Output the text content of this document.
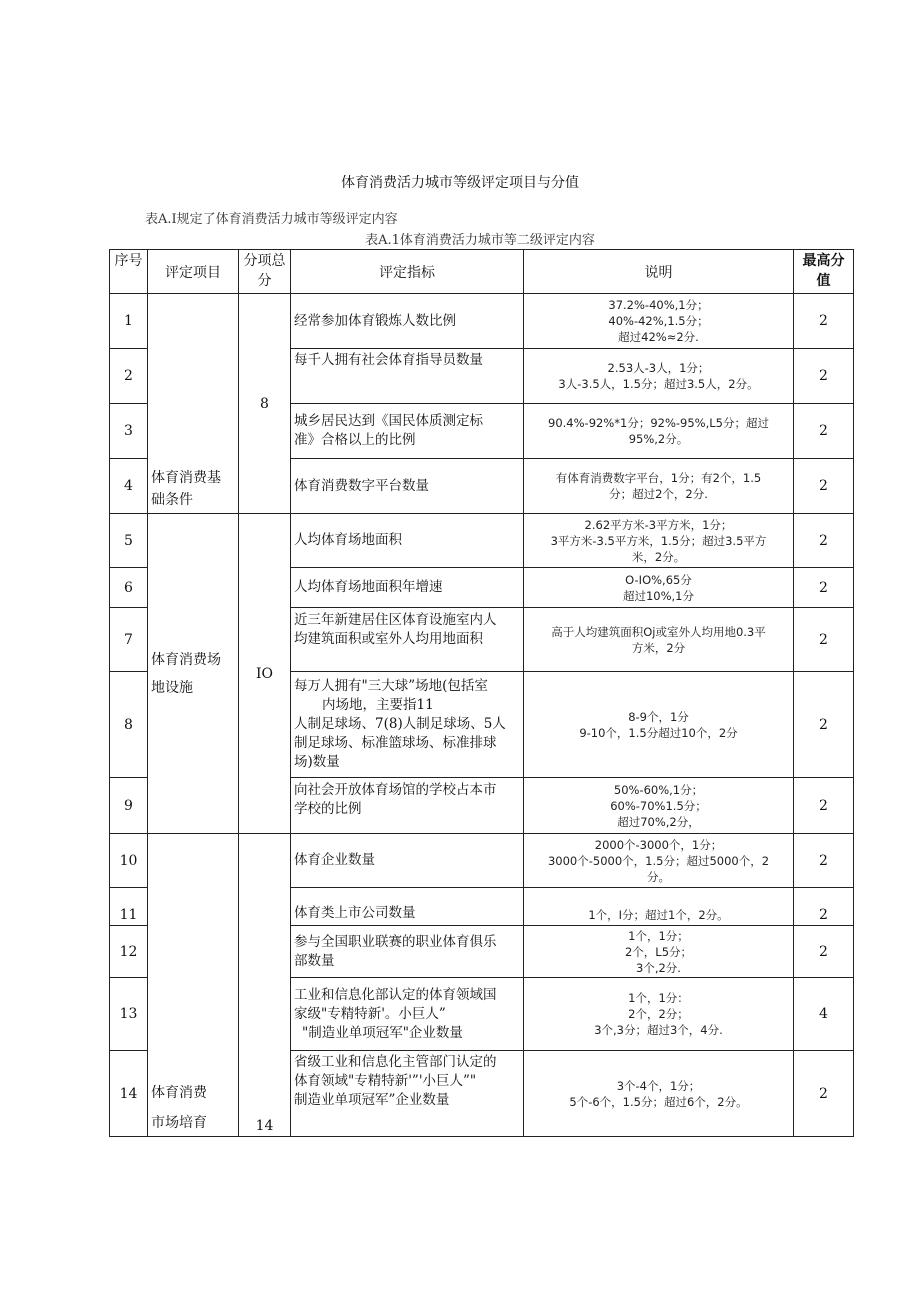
体育消费活力城市等级评定项目与分值
表A.I规定了体育消费活力城市等级评定内容
表A.1体育消费活力城市等二级评定内容
序号	评定项目	分项总分	评定指标	说明	最高分值

1	体育消费基
础条件	8	经常参加体育锻炼人数比例	37.2%-40%,1分；
40%-42%,1.5分；
超过42%≈2分.	2
2			每千人拥有社会体育指导员数量	2.53人-3人，1分；
3人-3.5人，1.5分；超过3.5人，2分。	2
3			城乡居民达到《国民体质测定标
准》合格以上的比例	90.4%-92%*1分；92%-95%,L5分；超过
95%,2分。	2
4			体育消费数字平台数量	有体育消费数字平台，1分；有2个，1.5
分；超过2个，2分.	2
5	体育消费场
地设施	IO	人均体育场地面积	2.62平方米-3平方米，1分；
3平方米-3.5平方米，1.5分；超过3.5平方
米，2分。	2
6			人均体育场地面积年增速	O-IO%,65分
超过10%,1分	2
7			近三年新建居住区体育设施室内人
均建筑面积或室外人均用地面积	高于人均建筑面积Oj或室外人均用地0.3平
方米，2分	2
8			每万人拥有"三大球”场地(包括室
内场地，主要指11
人制足球场、7(8)人制足球场、5人
制足球场、标准篮球场、标准排球
场)数量	8-9个，1分
9-10个，1.5分超过10个，2分	2
9			向社会开放体育场馆的学校占本市
学校的比例	50%-60%,1分；
60%-70%1.5分；
超过70%,2分，	2
10	体育消费
市场培育	14	体育企业数量	2000个-3000个，1分；
3000个-5000个，1.5分；超过5000个，2
分。	2
11			体育类上市公司数量	1个，I分；超过1个，2分。	2
12			参与全国职业联赛的职业体育俱乐
部数量	1个，1分；
2个，L5分；
3个,2分.	2
13			工业和信息化部认定的体育领域国
家级"专精特新'。小巨人”
"制造业单项冠军"企业数量	1个，1分：
2个，2分；
3个,3分；超过3个，4分.	4
14			省级工业和信息化主管部门认定的
体育领域"专精特新'”'小巨人”"
制造业单项冠军”企业数量	3个-4个，1分；
5个-6个，1.5分；超过6个，2分。	2
